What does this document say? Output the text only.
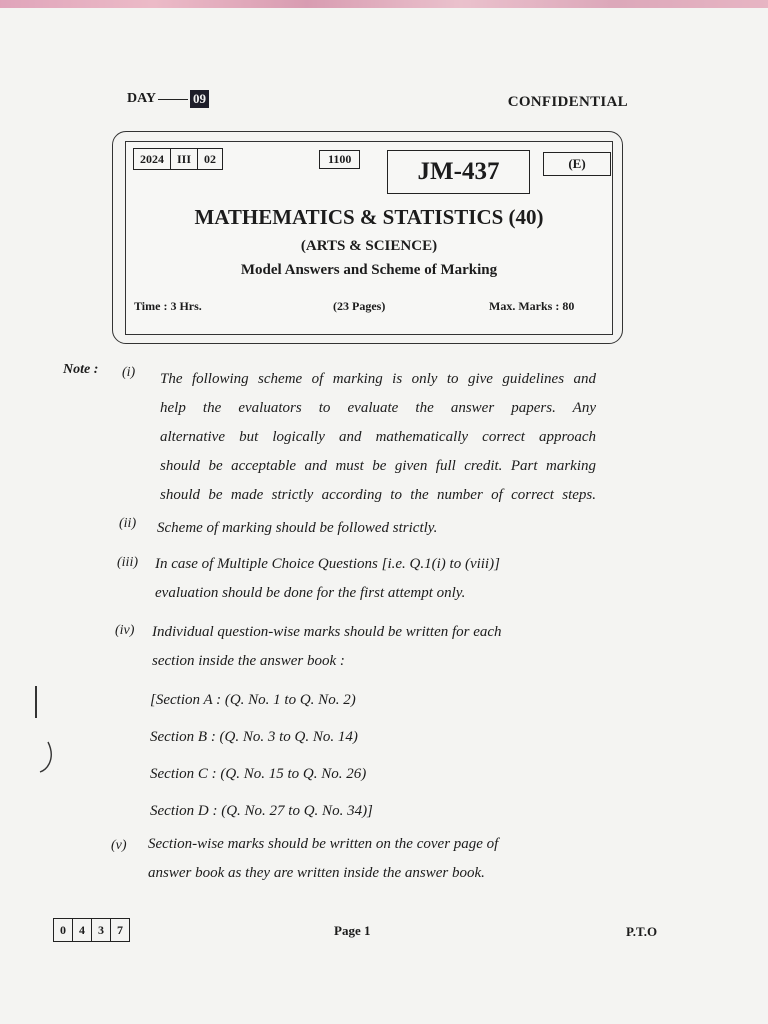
DAY	09	CONFIDENTIAL
2024	III	02	1100	JM-437	(E)
MATHEMATICS & STATISTICS (40)
(ARTS & SCIENCE)
Model Answers and Scheme of Marking
Time : 3 Hrs.	(23 Pages)	Max. Marks : 80
Note : (i) The following scheme of marking is only to give guidelines and
help the evaluators to evaluate the answer papers. Any
alternative but logically and mathematically correct approach
should be acceptable and must be given full credit. Part marking
should be made strictly according to the number of correct steps.
(ii) Scheme of marking should be followed strictly.
(iii) In case of Multiple Choice Questions [i.e. Q.1(i) to (viii)]
evaluation should be done for the first attempt only.
(iv) Individual question-wise marks should be written for each
section inside the answer book :
[Section A : (Q. No. 1 to Q. No. 2)
Section B : (Q. No. 3 to Q. No. 14)
Section C : (Q. No. 15 to Q. No. 26)
Section D : (Q. No. 27 to Q. No. 34)]
(v) Section-wise marks should be written on the cover page of
answer book as they are written inside the answer book.
0	4	3	7	Page 1	P.T.O
